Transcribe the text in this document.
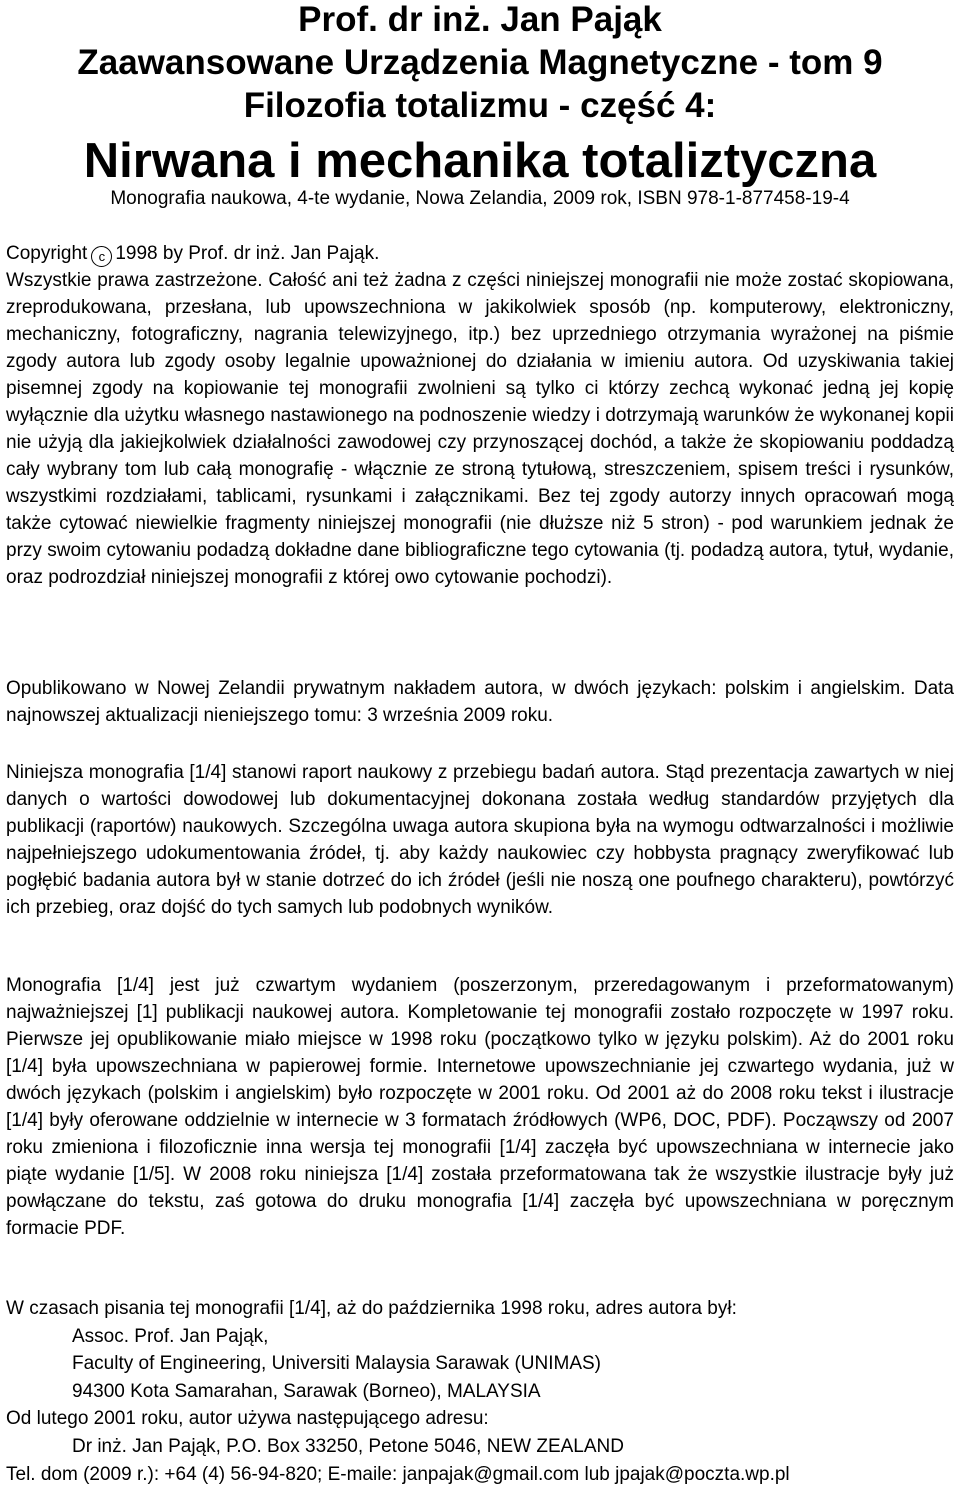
Prof. dr inż. Jan Pająk
Zaawansowane Urządzenia Magnetyczne - tom 9
Filozofia totalizmu - część 4:
Nirwana i mechanika totaliztyczna
Monografia naukowa, 4-te wydanie, Nowa Zelandia, 2009 rok, ISBN 978-1-877458-19-4
Copyright c 1998 by Prof. dr inż. Jan Pająk.

Wszystkie prawa zastrzeżone. Całość ani też żadna z części niniejszej monografii nie może zostać skopiowana, zreprodukowana, przesłana, lub upowszechniona w jakikolwiek sposób (np. komputerowy, elektroniczny, mechaniczny, fotograficzny, nagrania telewizyjnego, itp.) bez uprzedniego otrzymania wyrażonej na piśmie zgody autora lub zgody osoby legalnie upoważnionej do działania w imieniu autora. Od uzyskiwania takiej pisemnej zgody na kopiowanie tej monografii zwolnieni są tylko ci którzy zechcą wykonać jedną jej kopię wyłącznie dla użytku własnego nastawionego na podnoszenie wiedzy i dotrzymają warunków że wykonanej kopii nie użyją dla jakiejkolwiek działalności zawodowej czy przynoszącej dochód, a także że skopiowaniu poddadzą cały wybrany tom lub całą monografię - włącznie ze stroną tytułową, streszczeniem, spisem treści i rysunków, wszystkimi rozdziałami, tablicami, rysunkami i załącznikami. Bez tej zgody autorzy innych opracowań mogą także cytować niewielkie fragmenty niniejszej monografii (nie dłuższe niż 5 stron) - pod warunkiem jednak że przy swoim cytowaniu podadzą dokładne dane bibliograficzne tego cytowania (tj. podadzą autora, tytuł, wydanie, oraz podrozdział niniejszej monografii z której owo cytowanie pochodzi).

Opublikowano w Nowej Zelandii prywatnym nakładem autora, w dwóch językach: polskim i angielskim. Data najnowszej aktualizacji nieniejszego tomu: 3 września 2009 roku.

Niniejsza monografia [1/4] stanowi raport naukowy z przebiegu badań autora. Stąd prezentacja zawartych w niej danych o wartości dowodowej lub dokumentacyjnej dokonana została według standardów przyjętych dla publikacji (raportów) naukowych. Szczególna uwaga autora skupiona była na wymogu odtwarzalności i możliwie najpełniejszego udokumentowania źródeł, tj. aby każdy naukowiec czy hobbysta pragnący zweryfikować lub pogłębić badania autora był w stanie dotrzeć do ich źródeł (jeśli nie noszą one poufnego charakteru), powtórzyć ich przebieg, oraz dojść do tych samych lub podobnych wyników.

Monografia [1/4] jest już czwartym wydaniem (poszerzonym, przeredagowanym i przeformatowanym) najważniejszej [1] publikacji naukowej autora. Kompletowanie tej monografii zostało rozpoczęte w 1997 roku. Pierwsze jej opublikowanie miało miejsce w 1998 roku (początkowo tylko w języku polskim). Aż do 2001 roku [1/4] była upowszechniana w papierowej formie. Internetowe upowszechnianie jej czwartego wydania, już w dwóch językach (polskim i angielskim) było rozpoczęte w 2001 roku. Od 2001 aż do 2008 roku tekst i ilustracje [1/4] były oferowane oddzielnie w internecie w 3 formatach źródłowych (WP6, DOC, PDF). Począwszy od 2007 roku zmieniona i filozoficznie inna wersja tej monografii [1/4] zaczęła być upowszechniana w internecie jako piąte wydanie [1/5]. W 2008 roku niniejsza [1/4] została przeformatowana tak że wszystkie ilustracje były już powłączane do tekstu, zaś gotowa do druku monografia [1/4] zaczęła być upowszechniana w poręcznym formacie PDF.

W czasach pisania tej monografii [1/4], aż do października 1998 roku, adres autora był:
Assoc. Prof. Jan Pająk,
Faculty of Engineering, Universiti Malaysia Sarawak (UNIMAS)
94300 Kota Samarahan, Sarawak (Borneo), MALAYSIA
Od lutego 2001 roku, autor używa następującego adresu:
Dr inż. Jan Pająk, P.O. Box 33250, Petone 5046, NEW ZEALAND
Tel. dom (2009 r.): +64 (4) 56-94-820; E-maile: janpajak@gmail.com lub jpajak@poczta.wp.pl
